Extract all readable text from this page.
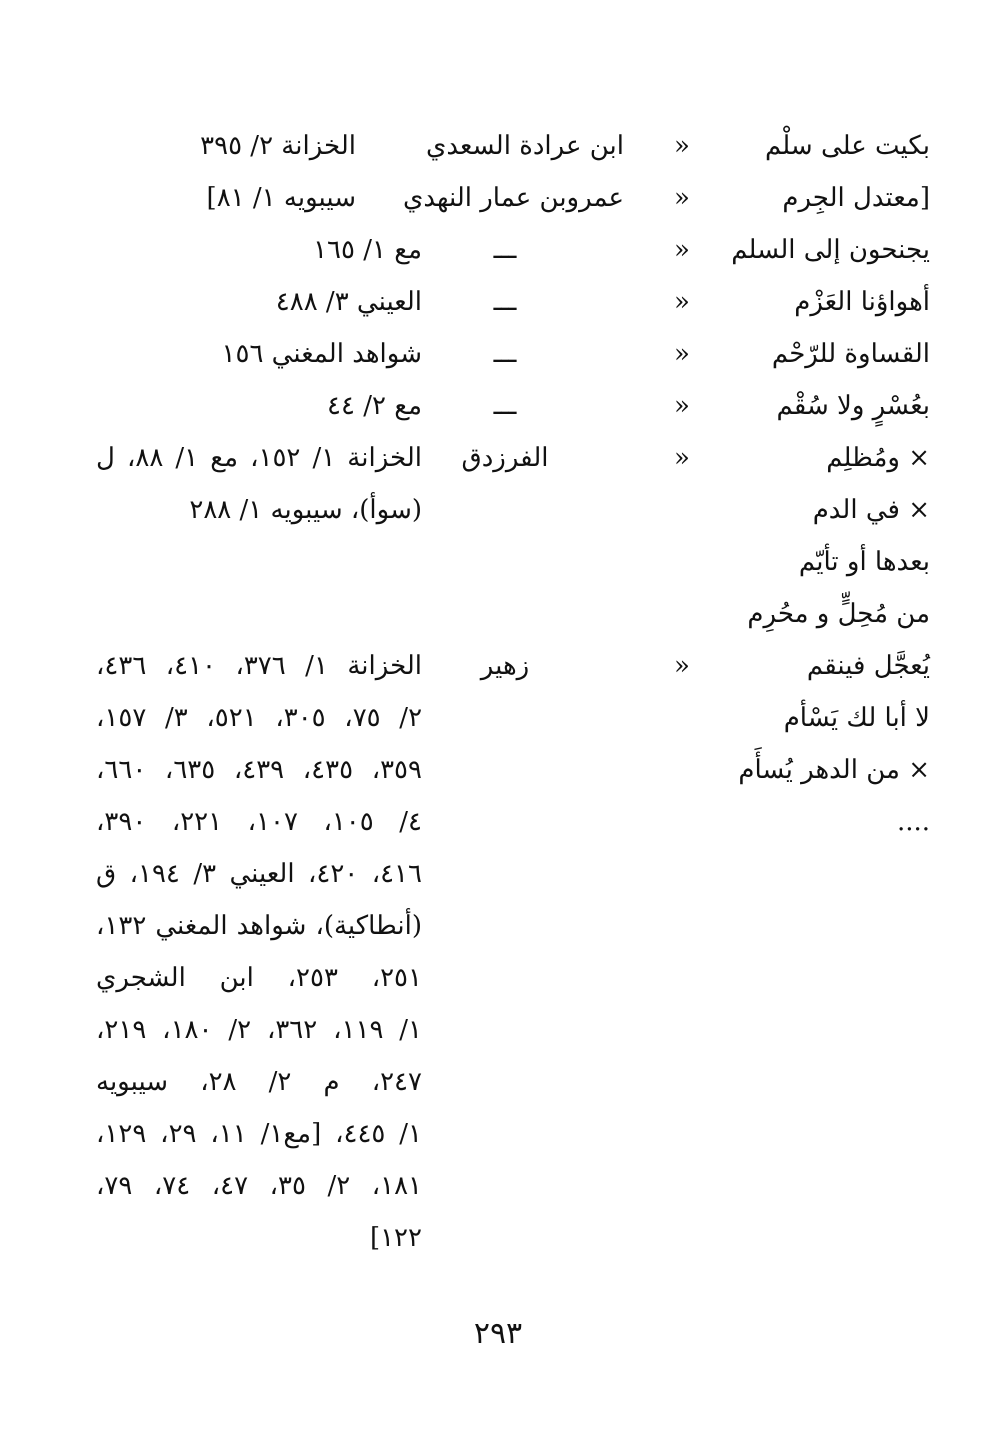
بكيت على سلْم
«
ابن عرادة السعدي
الخزانة ٢/ ٣٩٥
[معتدل الجِرم
«
عمروبن عمار النهدي
سيبويه ١/ ٨١]
يجنحون إلى السلم
«
ـــ
مع ١/ ١٦٥
أهواؤنا العَزْم
«
ـــ
العيني ٣/ ٤٨٨
القساوة للرّحْم
«
ـــ
شواهد المغني ١٥٦
بعُسْرٍ ولا سُقْم
«
ـــ
مع ٢/ ٤٤
× ومُظلِم
«
الفرزدق
الخزانة ١/ ١٥٢، مع ١/ ٨٨، ل
× في الدم
(سوأ)، سيبويه ١/ ٢٨٨
بعدها أو تأيّم
من مُحِلٍّ و محُرِم
يُعجَّل فينقم
«
زهير
الخزانة ١/ ٣٧٦، ٤١٠، ٤٣٦،
لا أبا لك يَسْأم
٢/ ٧٥، ٣٠٥، ٥٢١، ٣/ ١٥٧،
× من الدهر يُسأَم
٣٥٩، ٤٣٥، ٤٣٩، ٦٣٥، ٦٦٠،
....
٤/ ١٠٥، ١٠٧، ٢٢١، ٣٩٠،
٤١٦، ٤٢٠، العيني ٣/ ١٩٤، ق
(أنطاكية)، شواهد المغني ١٣٢،
٢٥١، ٢٥٣، ابن الشجري
١/ ١١٩، ٣٦٢، ٢/ ١٨٠، ٢١٩،
٢٤٧، م ٢/ ٢٨، سيبويه
١/ ٤٤٥، [مع١/ ١١، ٢٩، ١٢٩،
١٨١، ٢/ ٣٥، ٤٧، ٧٤، ٧٩،
١٢٢]
٢٩٣
